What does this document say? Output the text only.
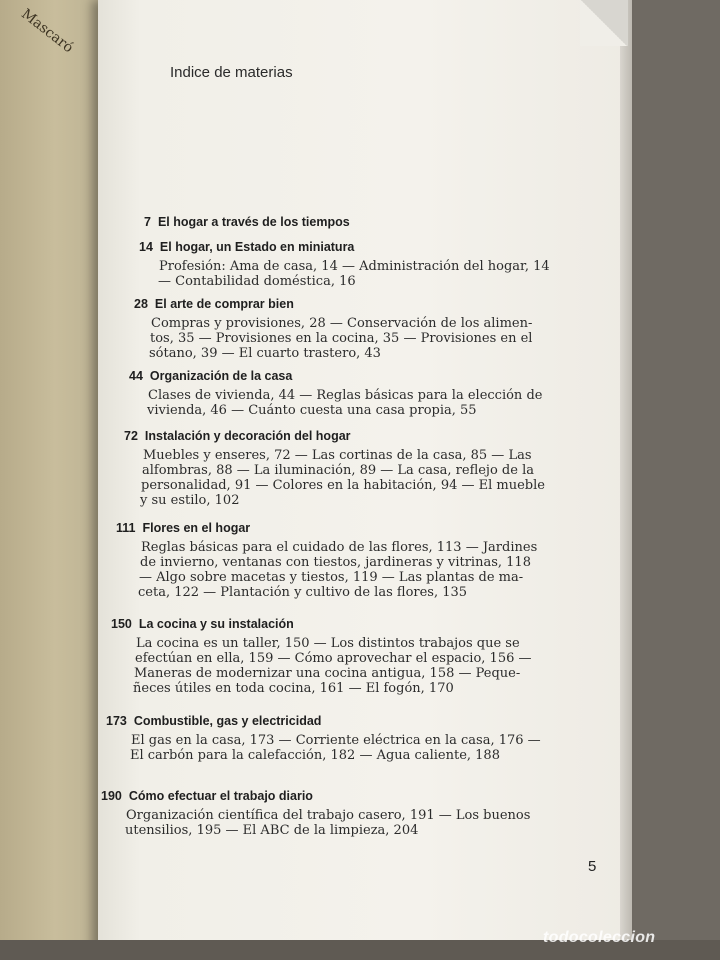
Mascaró
Indice de materias
7 El hogar a través de los tiempos
14 El hogar, un Estado en miniatura
Profesión: Ama de casa, 14 — Administración del hogar, 14
— Contabilidad doméstica, 16
28 El arte de comprar bien
Compras y provisiones, 28 — Conservación de los alimen-
tos, 35 — Provisiones en la cocina, 35 — Provisiones en el
sótano, 39 — El cuarto trastero, 43
44 Organización de la casa
Clases de vivienda, 44 — Reglas básicas para la elección de
vivienda, 46 — Cuánto cuesta una casa propia, 55
72 Instalación y decoración del hogar
Muebles y enseres, 72 — Las cortinas de la casa, 85 — Las
alfombras, 88 — La iluminación, 89 — La casa, reflejo de la
personalidad, 91 — Colores en la habitación, 94 — El mueble
y su estilo, 102
111 Flores en el hogar
Reglas básicas para el cuidado de las flores, 113 — Jardines
de invierno, ventanas con tiestos, jardineras y vitrinas, 118
— Algo sobre macetas y tiestos, 119 — Las plantas de ma-
ceta, 122 — Plantación y cultivo de las flores, 135
150 La cocina y su instalación
La cocina es un taller, 150 — Los distintos trabajos que se
efectúan en ella, 159 — Cómo aprovechar el espacio, 156 —
Maneras de modernizar una cocina antigua, 158 — Peque-
ñeces útiles en toda cocina, 161 — El fogón, 170
173 Combustible, gas y electricidad
El gas en la casa, 173 — Corriente eléctrica en la casa, 176 —
El carbón para la calefacción, 182 — Agua caliente, 188
190 Cómo efectuar el trabajo diario
Organización científica del trabajo casero, 191 — Los buenos
utensilios, 195 — El ABC de la limpieza, 204
5
todocoleccion
